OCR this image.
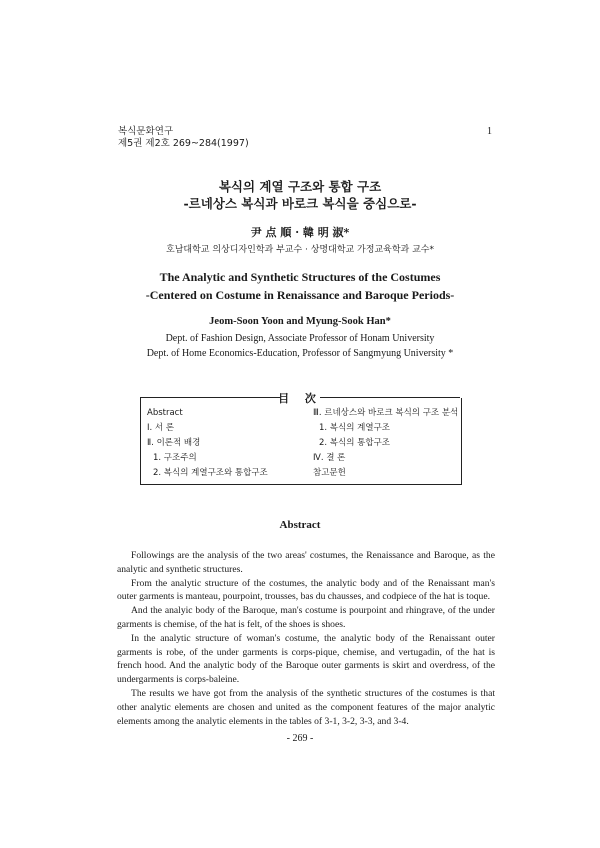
복식문화연구
제5권 제2호 269~284(1997)
1
복식의 계열 구조와 통합 구조
-르네상스 복식과 바로크 복식을 중심으로-
尹 点 順 · 韓 明 淑*
호남대학교 의상디자인학과 부교수 · 상명대학교 가정교육학과 교수*
The Analytic and Synthetic Structures of the Costumes
-Centered on Costume in Renaissance and Baroque Periods-
Jeom-Soon Yoon and Myung-Sook Han*
Dept. of Fashion Design, Associate Professor of Honam University
Dept. of Home Economics-Education, Professor of Sangmyung University *
目 次
Abstract
Ⅰ. 서 론
Ⅱ. 이론적 배경
1. 구조주의
2. 복식의 계열구조와 통합구조
Ⅲ. 르네상스와 바로크 복식의 구조 분석
1. 복식의 계열구조
2. 복식의 통합구조
Ⅳ. 결 론
참고문헌
Abstract

Followings are the analysis of the two areas' costumes, the Renaissance and Baroque, as the analytic and synthetic structures.

From the analytic structure of the costumes, the analytic body and of the Renaissant man's outer garments is manteau, pourpoint, trousses, bas du chausses, and codpiece of the hat is toque.

And the analyic body of the Baroque, man's costume is pourpoint and rhingrave, of the under garments is chemise, of the hat is felt, of the shoes is shoes.

In the analytic structure of woman's costume, the analytic body of the Renaissant outer garments is robe, of the under garments is corps-pique, chemise, and vertugadin, of the hat is french hood. And the analytic body of the Baroque outer garments is skirt and overdress, of the undergarments is corps-baleine.

The results we have got from the analysis of the synthetic structures of the costumes is that other analytic elements are chosen and united as the component features of the major analytic elements among the analytic elements in the tables of 3-1, 3-2, 3-3, and 3-4.

- 269 -
